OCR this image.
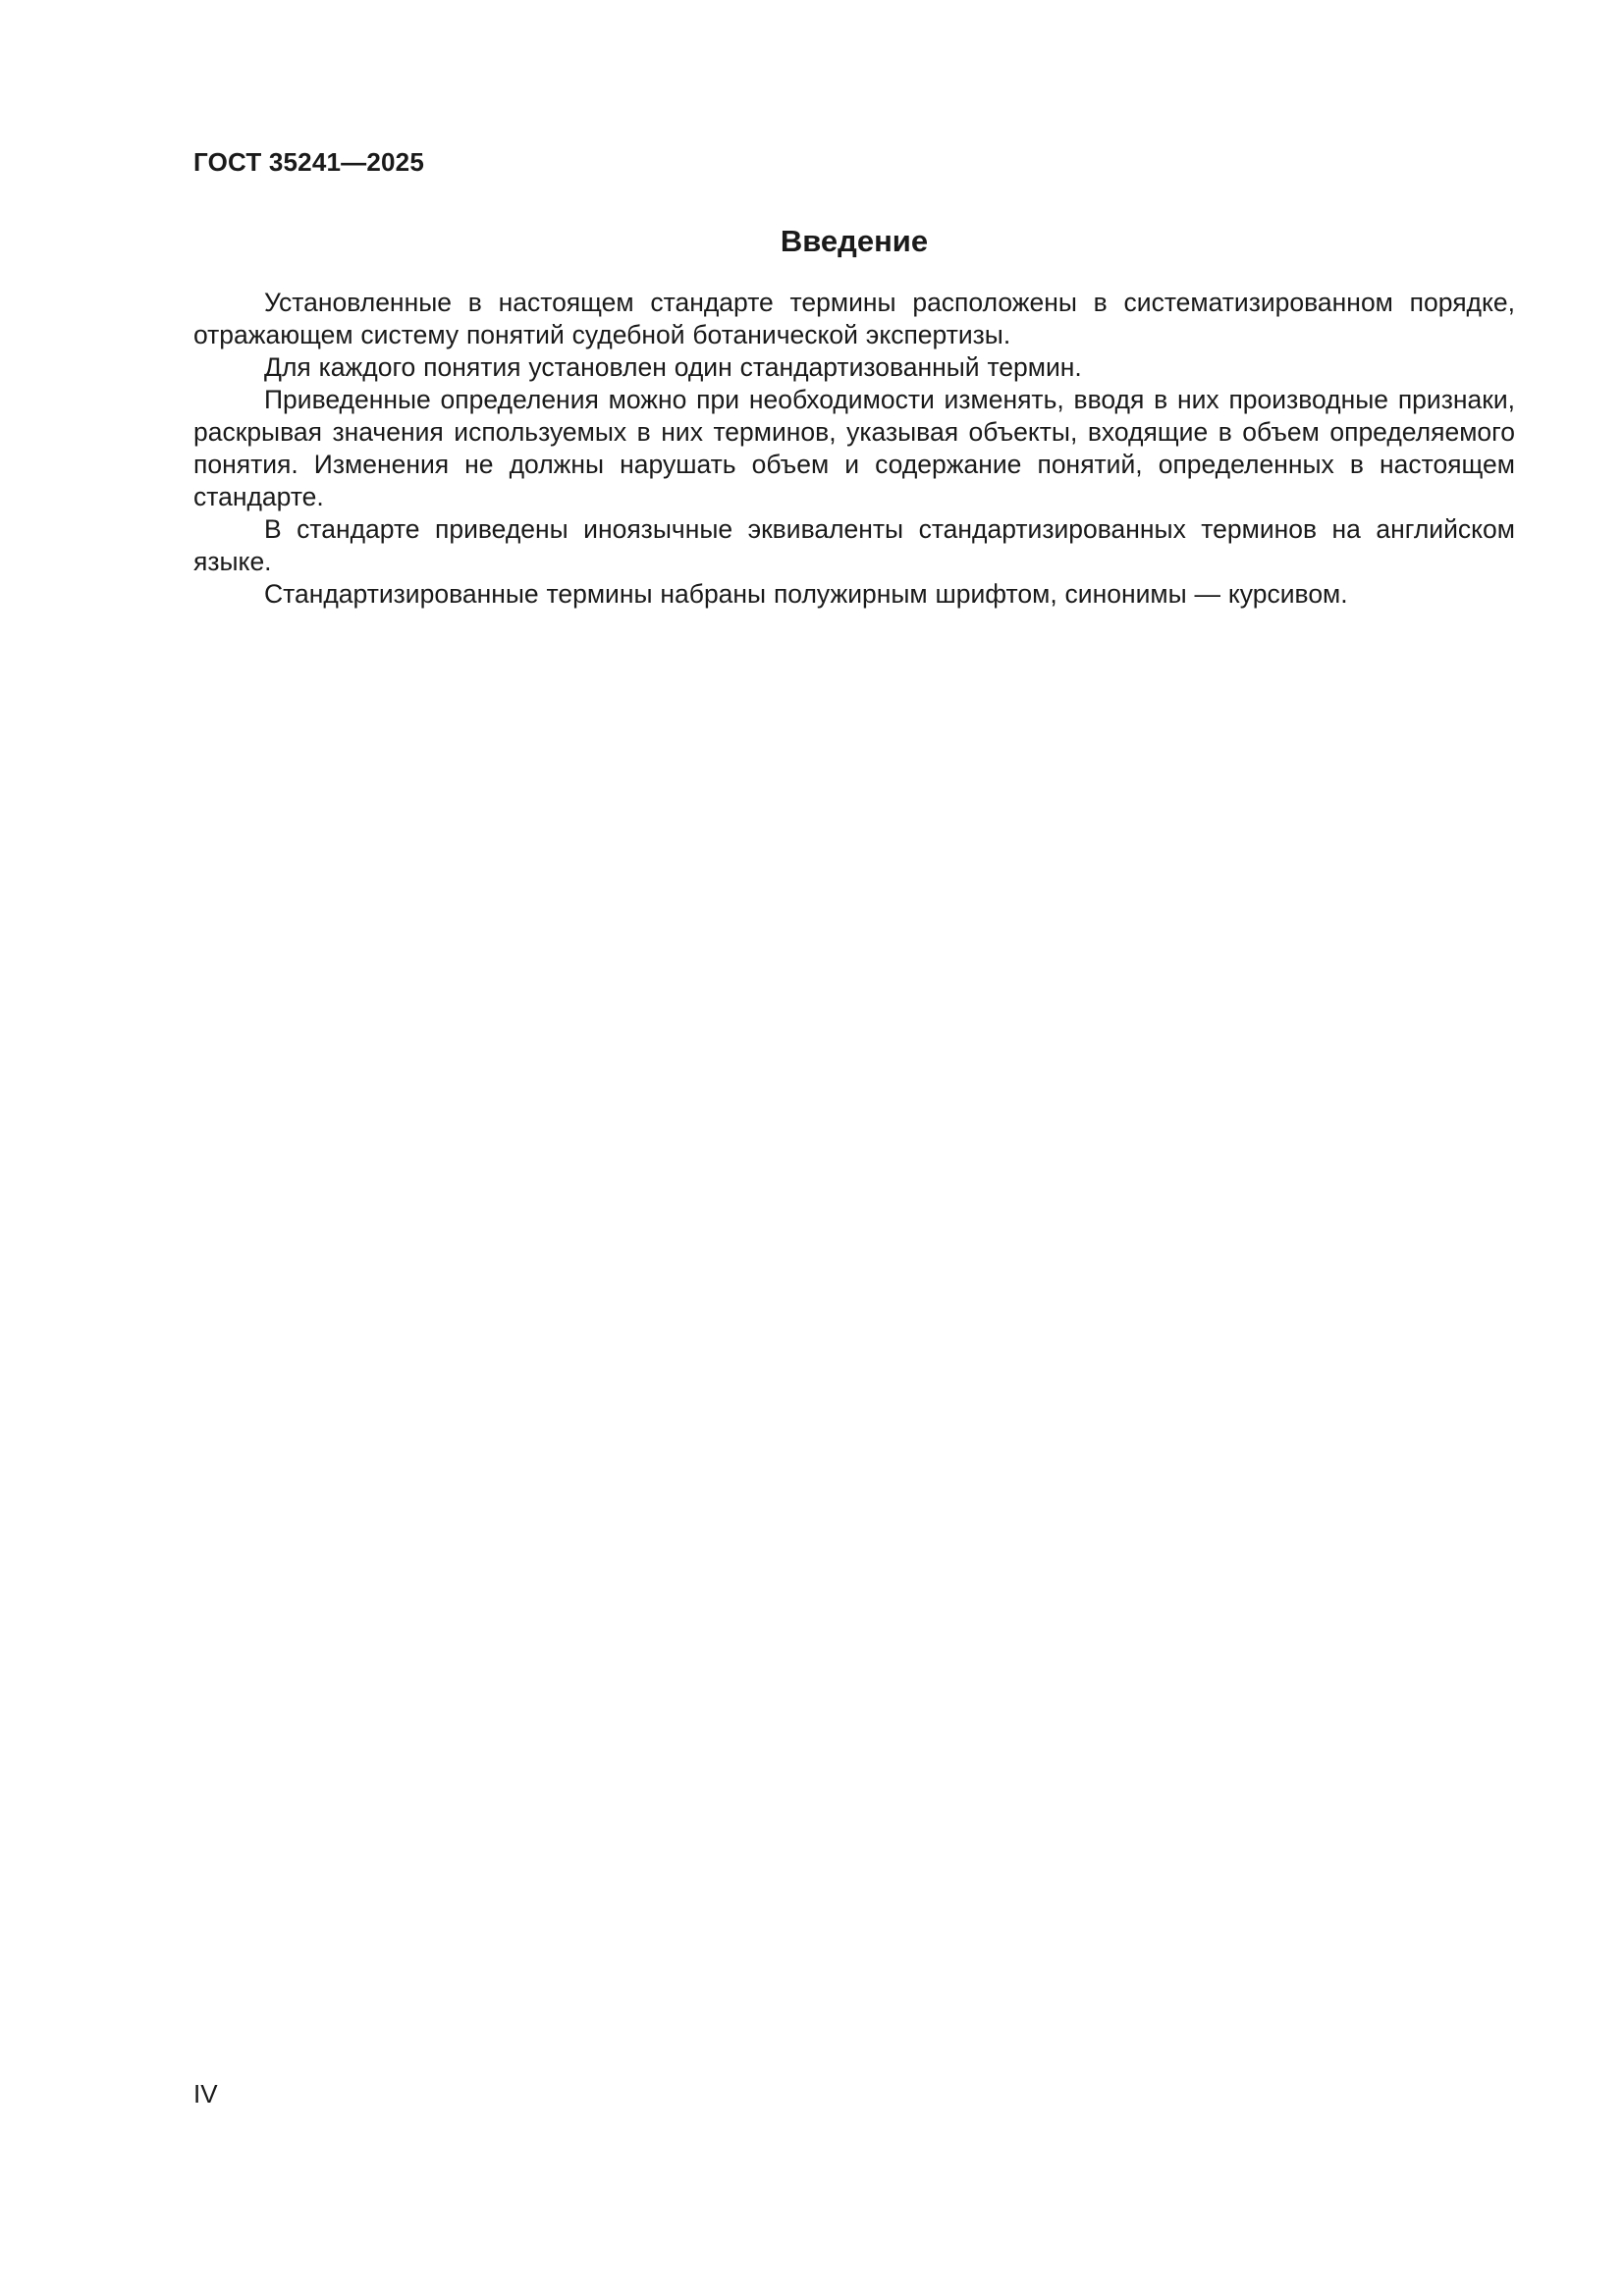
ГОСТ 35241—2025
Введение

Установленные в настоящем стандарте термины расположены в систематизированном порядке, отражающем систему понятий судебной ботанической экспертизы.

Для каждого понятия установлен один стандартизованный термин.

Приведенные определения можно при необходимости изменять, вводя в них производные признаки, раскрывая значения используемых в них терминов, указывая объекты, входящие в объем определяемого понятия. Изменения не должны нарушать объем и содержание понятий, определенных в настоящем стандарте.

В стандарте приведены иноязычные эквиваленты стандартизированных терминов на английском языке.

Стандартизированные термины набраны полужирным шрифтом, синонимы — курсивом.

IV
